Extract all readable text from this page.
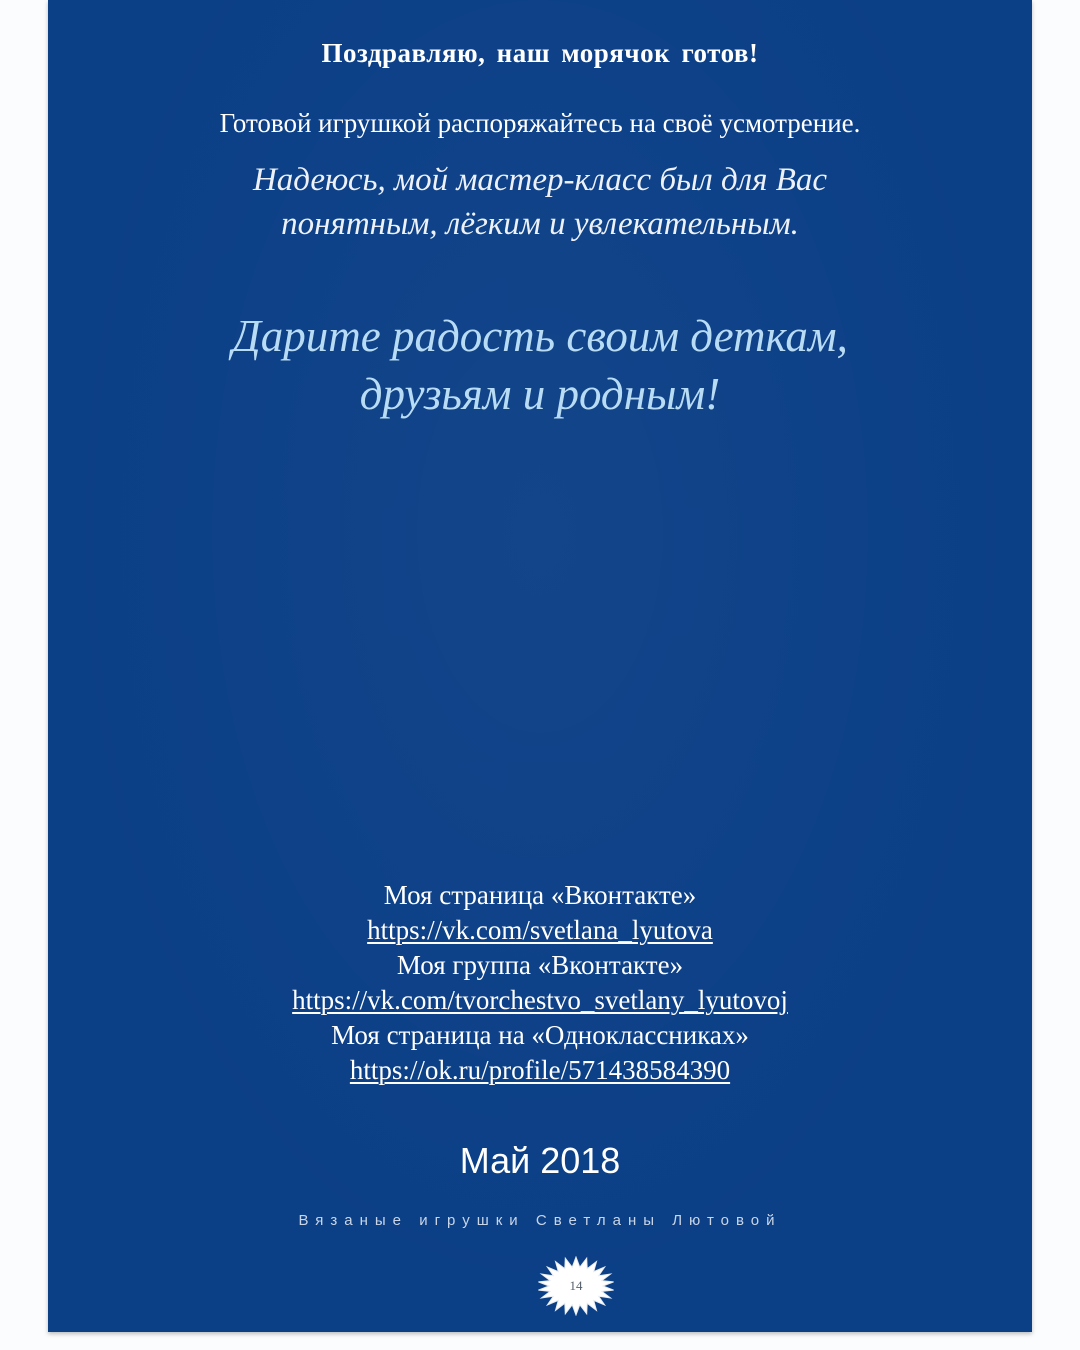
Поздравляю, наш морячок готов!
Готовой игрушкой распоряжайтесь на своё усмотрение.
Надеюсь, мой мастер-класс был для Вас
понятным, лёгким и увлекательным.
Дарите радость своим деткам,
друзьям и родным!
Моя страница «Вконтакте»
https://vk.com/svetlana_lyutova
Моя группа «Вконтакте»
https://vk.com/tvorchestvo_svetlany_lyutovoj
Моя страница на «Одноклассниках»
https://ok.ru/profile/571438584390
Май 2018
Вязаные игрушки Светланы Лютовой
14
